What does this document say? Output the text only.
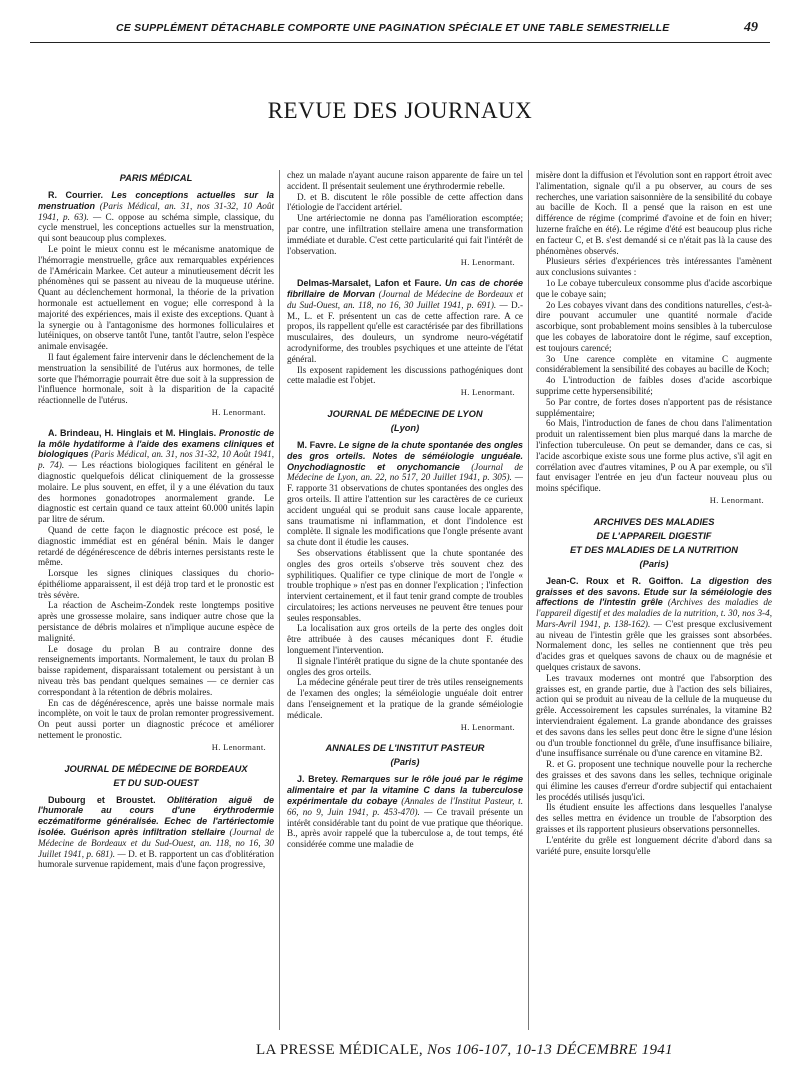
CE SUPPLÉMENT DÉTACHABLE COMPORTE UNE PAGINATION SPÉCIALE ET UNE TABLE SEMESTRIELLE	49
REVUE DES JOURNAUX
PARIS MÉDICAL

R. Courrier. Les conceptions actuelles sur la menstruation (Paris Médical, an. 31, nos 31-32, 10 Août 1941, p. 63). — C. oppose au schéma simple, classique, du cycle menstruel, les conceptions actuelles sur la menstruation, qui sont beaucoup plus complexes.

Le point le mieux connu est le mécanisme anatomique de l'hémorragie menstruelle, grâce aux remarquables expériences de l'Américain Markee. Cet auteur a minutieusement décrit les phénomènes qui se passent au niveau de la muqueuse utérine. Quant au déclenchement hormonal, la théorie de la privation hormonale est actuellement en vogue; elle correspond à la majorité des expériences, mais il existe des exceptions. Quant à la synergie ou à l'antagonisme des hormones folliculaires et lutéiniques, on observe tantôt l'une, tantôt l'autre, selon l'espèce animale envisagée.

Il faut également faire intervenir dans le déclenchement de la menstruation la sensibilité de l'utérus aux hormones, de telle sorte que l'hémorragie pourrait être due soit à la suppression de l'influence hormonale, soit à la disparition de la capacité réactionnelle de l'utérus.

H. Lenormant.

A. Brindeau, H. Hinglais et M. Hinglais. Pronostic de la môle hydatiforme à l'aide des examens cliniques et biologiques (Paris Médical, an. 31, nos 31-32, 10 Août 1941, p. 74). — Les réactions biologiques facilitent en général le diagnostic quelquefois délicat cliniquement de la grossesse molaire. Le plus souvent, en effet, il y a une élévation du taux des hormones gonadotropes anormalement grande. Le diagnostic est certain quand ce taux atteint 60.000 unités lapin par litre de sérum.

Quand de cette façon le diagnostic précoce est posé, le diagnostic immédiat est en général bénin. Mais le danger retardé de dégénérescence de débris internes persistants reste le même.

Lorsque les signes cliniques classiques du chorio-épithéliome apparaissent, il est déjà trop tard et le pronostic est très sévère.

La réaction de Ascheim-Zondek reste longtemps positive après une grossesse molaire, sans indiquer autre chose que la persistance de débris molaires et n'implique aucune espèce de malignité.

Le dosage du prolan B au contraire donne des renseignements importants. Normalement, le taux du prolan B baisse rapidement, disparaissant totalement ou persistant à un niveau très bas pendant quelques semaines — ce dernier cas correspondant à la rétention de débris molaires.

En cas de dégénérescence, après une baisse normale mais incomplète, on voit le taux de prolan remonter progressivement. On peut aussi porter un diagnostic précoce et améliorer nettement le pronostic.

H. Lenormant.
JOURNAL DE MÉDECINE DE BORDEAUX
ET DU SUD-OUEST

Dubourg et Broustet. Oblitération aiguë de l'humorale au cours d'une érythrodermie eczématiforme généralisée. Echec de l'artériectomie isolée. Guérison après infiltration stellaire (Journal de Médecine de Bordeaux et du Sud-Ouest, an. 118, no 16, 30 Juillet 1941, p. 681). — D. et B. rapportent un cas d'oblitération humorale survenue rapidement, mais d'une façon progressive,

chez un malade n'ayant aucune raison apparente de faire un tel accident. Il présentait seulement une érythrodermie rebelle.

D. et B. discutent le rôle possible de cette affection dans l'étiologie de l'accident artériel.

Une artériectomie ne donna pas l'amélioration escomptée; par contre, une infiltration stellaire amena une transformation immédiate et durable. C'est cette particularité qui fait l'intérêt de l'observation.

H. Lenormant.

Delmas-Marsalet, Lafon et Faure. Un cas de chorée fibrillaire de Morvan (Journal de Médecine de Bordeaux et du Sud-Ouest, an. 118, no 16, 30 Juillet 1941, p. 691). — D.-M., L. et F. présentent un cas de cette affection rare. A ce propos, ils rappellent qu'elle est caractérisée par des fibrillations musculaires, des douleurs, un syndrome neuro-végétatif acrodyniforme, des troubles psychiques et une atteinte de l'état général.

Ils exposent rapidement les discussions pathogéniques dont cette maladie est l'objet.

H. Lenormant.
JOURNAL DE MÉDECINE DE LYON
(Lyon)

M. Favre. Le signe de la chute spontanée des ongles des gros orteils. Notes de séméiologie unguéale. Onychodiagnostic et onychomancie (Journal de Médecine de Lyon, an. 22, no 517, 20 Juillet 1941, p. 305). — F. rapporte 31 observations de chutes spontanées des ongles des gros orteils. Il attire l'attention sur les caractères de ce curieux accident unguéal qui se produit sans cause locale apparente, sans traumatisme ni inflammation, et dont l'indolence est complète. Il signale les modifications que l'ongle présente avant sa chute dont il étudie les causes.

Ses observations établissent que la chute spontanée des ongles des gros orteils s'observe très souvent chez des syphilitiques. Qualifier ce type clinique de mort de l'ongle « trouble trophique » n'est pas en donner l'explication ; l'infection intervient certainement, et il faut tenir grand compte de troubles circulatoires; les actions nerveuses ne peuvent être tenues pour seules responsables.

La localisation aux gros orteils de la perte des ongles doit être attribuée à des causes mécaniques dont F. étudie longuement l'intervention.

Il signale l'intérêt pratique du signe de la chute spontanée des ongles des gros orteils.

La médecine générale peut tirer de très utiles renseignements de l'examen des ongles; la séméiologie unguéale doit entrer dans l'enseignement et la pratique de la grande séméiologie médicale.

H. Lenormant.
ANNALES DE L'INSTITUT PASTEUR
(Paris)

J. Bretey. Remarques sur le rôle joué par le régime alimentaire et par la vitamine C dans la tuberculose expérimentale du cobaye (Annales de l'Institut Pasteur, t. 66, no 9, Juin 1941, p. 453-470). — Ce travail présente un intérêt considérable tant du point de vue pratique que théorique. B., après avoir rappelé que la tuberculose a, de tout temps, été considérée comme une maladie de

misère dont la diffusion et l'évolution sont en rapport étroit avec l'alimentation, signale qu'il a pu observer, au cours de ses recherches, une variation saisonnière de la sensibilité du cobaye au bacille de Koch. Il a pensé que la raison en est une différence de régime (comprimé d'avoine et de foin en hiver; luzerne fraîche en été). Le régime d'été est beaucoup plus riche en facteur C, et B. s'est demandé si ce n'était pas là la cause des phénomènes observés.

Plusieurs séries d'expériences très intéressantes l'amènent aux conclusions suivantes :

1o Le cobaye tuberculeux consomme plus d'acide ascorbique que le cobaye sain;

2o Les cobayes vivant dans des conditions naturelles, c'est-à-dire pouvant accumuler une quantité normale d'acide ascorbique, sont probablement moins sensibles à la tuberculose que les cobayes de laboratoire dont le régime, sauf exception, est toujours carencé;

3o Une carence complète en vitamine C augmente considérablement la sensibilité des cobayes au bacille de Koch;

4o L'introduction de faibles doses d'acide ascorbique supprime cette hypersensibilité;

5o Par contre, de fortes doses n'apportent pas de résistance supplémentaire;

6o Mais, l'introduction de fanes de chou dans l'alimentation produit un ralentissement bien plus marqué dans la marche de l'infection tuberculeuse. On peut se demander, dans ce cas, si l'acide ascorbique existe sous une forme plus active, s'il agit en corrélation avec d'autres vitamines, P ou A par exemple, ou s'il faut envisager l'entrée en jeu d'un facteur nouveau plus ou moins spécifique.

H. Lenormant.
ARCHIVES DES MALADIES
DE L'APPAREIL DIGESTIF
ET DES MALADIES DE LA NUTRITION
(Paris)

Jean-C. Roux et R. Goiffon. La digestion des graisses et des savons. Etude sur la séméiologie des affections de l'intestin grêle (Archives des maladies de l'appareil digestif et des maladies de la nutrition, t. 30, nos 3-4, Mars-Avril 1941, p. 138-162). — C'est presque exclusivement au niveau de l'intestin grêle que les graisses sont absorbées. Normalement donc, les selles ne contiennent que très peu d'acides gras et quelques savons de chaux ou de magnésie et quelques cristaux de savons.

Les travaux modernes ont montré que l'absorption des graisses est, en grande partie, due à l'action des sels biliaires, action qui se produit au niveau de la cellule de la muqueuse du grêle. Accessoirement les capsules surrénales, la vitamine B2 interviendraient également. La grande abondance des graisses et des savons dans les selles peut donc être le signe d'une lésion ou d'un trouble fonctionnel du grêle, d'une insuffisance biliaire, d'une insuffisance surrénale ou d'une carence en vitamine B2.

R. et G. proposent une technique nouvelle pour la recherche des graisses et des savons dans les selles, technique originale qui élimine les causes d'erreur d'ordre subjectif qui entachaient les procédés utilisés jusqu'ici.

Ils étudient ensuite les affections dans lesquelles l'analyse des selles mettra en évidence un trouble de l'absorption des graisses et ils rapportent plusieurs observations personnelles.

L'entérite du grêle est longuement décrite d'abord dans sa variété pure, ensuite lorsqu'elle

LA PRESSE MÉDICALE, Nos 106-107, 10-13 DÉCEMBRE 1941
